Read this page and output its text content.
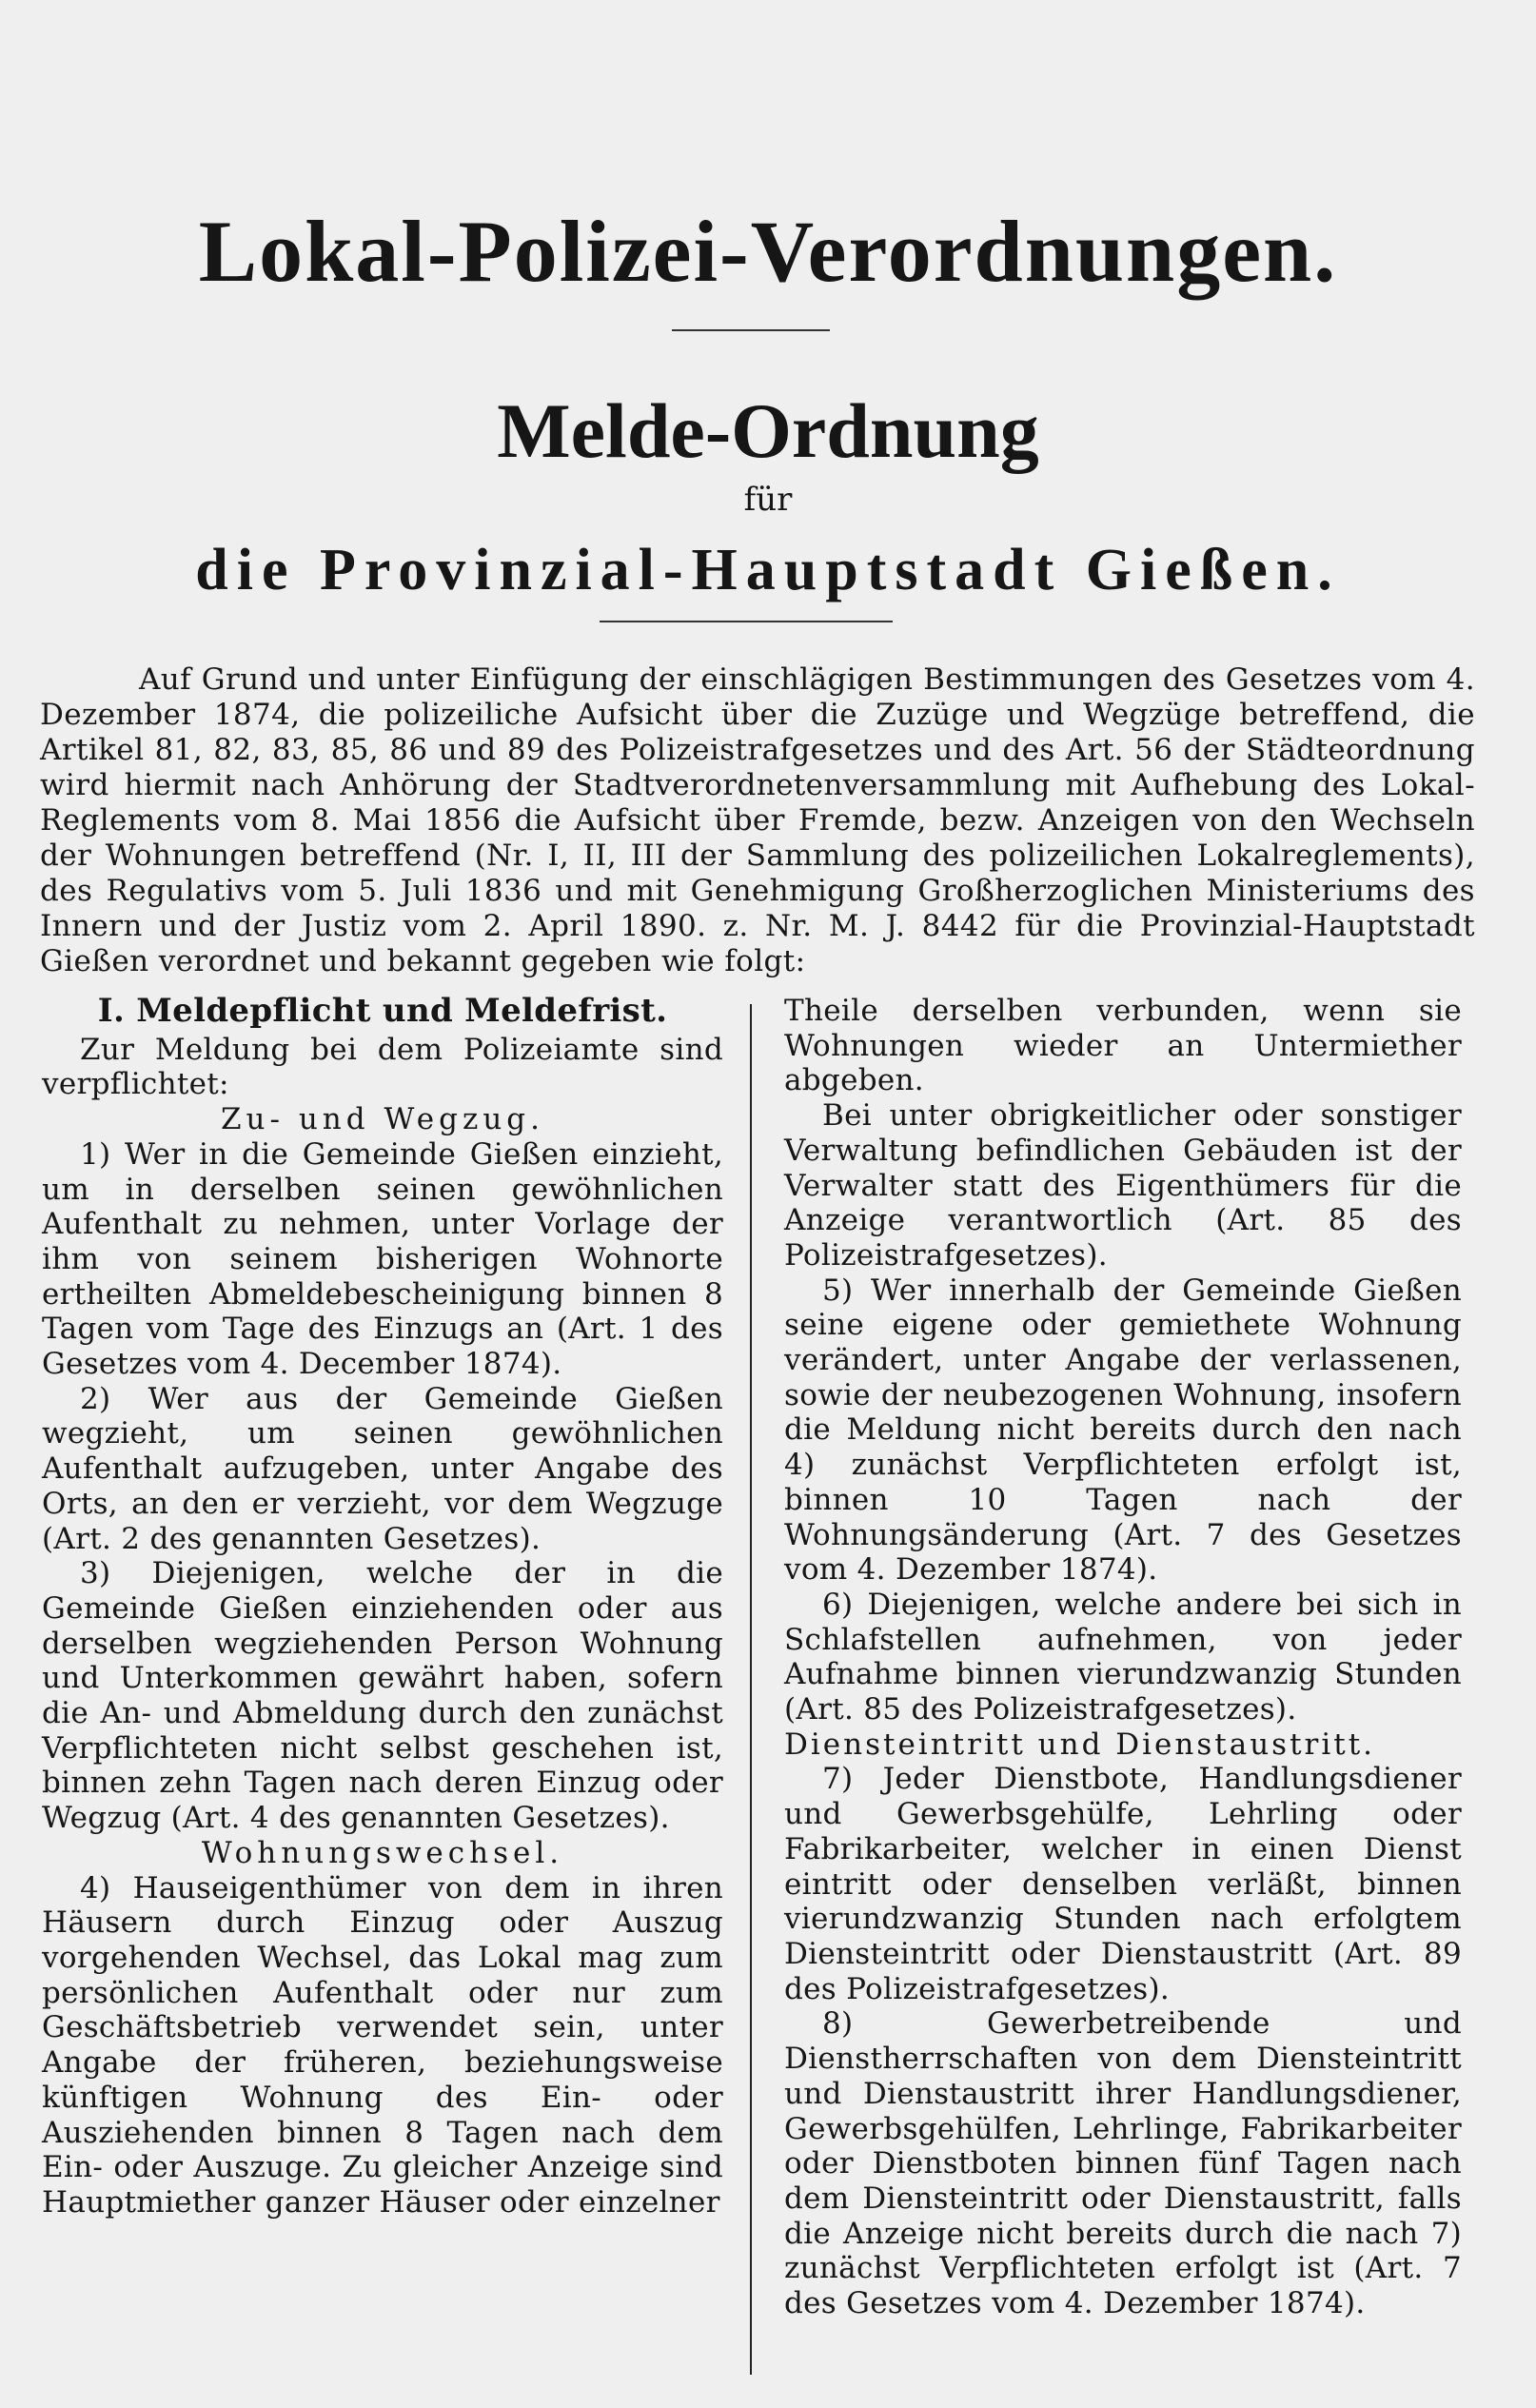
Lokal-Polizei-Verordnungen.
Melde-Ordnung
für
die Provinzial-Hauptstadt Gießen.
Auf Grund und unter Einfügung der einschlägigen Bestimmungen des Gesetzes vom 4. Dezember 1874, die polizeiliche Aufsicht über die Zuzüge und Wegzüge betreffend, die Artikel 81, 82, 83, 85, 86 und 89 des Polizeistrafgesetzes und des Art. 56 der Städteordnung wird hiermit nach Anhörung der Stadtverordnetenversammlung mit Aufhebung des Lokal-Reglements vom 8. Mai 1856 die Aufsicht über Fremde, bezw. Anzeigen von den Wechseln der Wohnungen betreffend (Nr. I, II, III der Sammlung des polizeilichen Lokalreglements), des Regulativs vom 5. Juli 1836 und mit Genehmigung Großherzoglichen Ministeriums des Innern und der Justiz vom 2. April 1890. z. Nr. M. J. 8442 für die Provinzial-Hauptstadt Gießen verordnet und bekannt gegeben wie folgt:

I. Meldepflicht und Meldefrist.

Zur Meldung bei dem Polizeiamte sind verpflichtet:

Zu- und Wegzug.

1) Wer in die Gemeinde Gießen einzieht, um in derselben seinen gewöhnlichen Aufenthalt zu nehmen, unter Vorlage der ihm von seinem bisherigen Wohnorte ertheilten Abmeldebescheinigung binnen 8 Tagen vom Tage des Einzugs an (Art. 1 des Gesetzes vom 4. December 1874).

2) Wer aus der Gemeinde Gießen wegzieht, um seinen gewöhnlichen Aufenthalt aufzugeben, unter Angabe des Orts, an den er verzieht, vor dem Wegzuge (Art. 2 des genannten Gesetzes).

3) Diejenigen, welche der in die Gemeinde Gießen einziehenden oder aus derselben wegziehenden Person Wohnung und Unterkommen gewährt haben, sofern die An- und Abmeldung durch den zunächst Verpflichteten nicht selbst geschehen ist, binnen zehn Tagen nach deren Einzug oder Wegzug (Art. 4 des genannten Gesetzes).

Wohnungswechsel.

4) Hauseigenthümer von dem in ihren Häusern durch Einzug oder Auszug vorgehenden Wechsel, das Lokal mag zum persönlichen Aufenthalt oder nur zum Geschäftsbetrieb verwendet sein, unter Angabe der früheren, beziehungsweise künftigen Wohnung des Ein- oder Ausziehenden binnen 8 Tagen nach dem Ein- oder Auszuge. Zu gleicher Anzeige sind Hauptmiether ganzer Häuser oder einzelner

Theile derselben verbunden, wenn sie Wohnungen wieder an Untermiether abgeben.

Bei unter obrigkeitlicher oder sonstiger Verwaltung befindlichen Gebäuden ist der Verwalter statt des Eigenthümers für die Anzeige verantwortlich (Art. 85 des Polizeistrafgesetzes).

5) Wer innerhalb der Gemeinde Gießen seine eigene oder gemiethete Wohnung verändert, unter Angabe der verlassenen, sowie der neubezogenen Wohnung, insofern die Meldung nicht bereits durch den nach 4) zunächst Verpflichteten erfolgt ist, binnen 10 Tagen nach der Wohnungsänderung (Art. 7 des Gesetzes vom 4. Dezember 1874).

6) Diejenigen, welche andere bei sich in Schlafstellen aufnehmen, von jeder Aufnahme binnen vierundzwanzig Stunden (Art. 85 des Polizeistrafgesetzes).

Diensteintritt und Dienstaustritt.

7) Jeder Dienstbote, Handlungsdiener und Gewerbsgehülfe, Lehrling oder Fabrikarbeiter, welcher in einen Dienst eintritt oder denselben verläßt, binnen vierundzwanzig Stunden nach erfolgtem Diensteintritt oder Dienstaustritt (Art. 89 des Polizeistrafgesetzes).

8) Gewerbetreibende und Dienstherrschaften von dem Diensteintritt und Dienstaustritt ihrer Handlungsdiener, Gewerbsgehülfen, Lehrlinge, Fabrikarbeiter oder Dienstboten binnen fünf Tagen nach dem Diensteintritt oder Dienstaustritt, falls die Anzeige nicht bereits durch die nach 7) zunächst Verpflichteten erfolgt ist (Art. 7 des Gesetzes vom 4. Dezember 1874).
